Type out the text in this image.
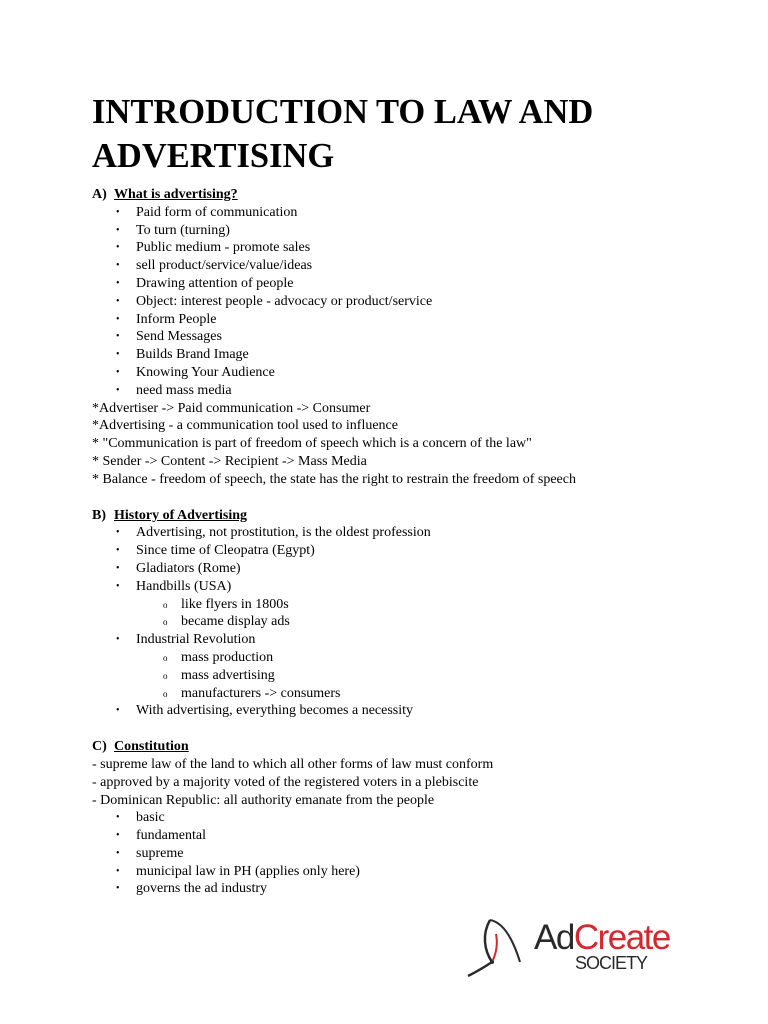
INTRODUCTION TO LAW AND
ADVERTISING
A) What is advertising?
• Paid form of communication
• To turn (turning)
• Public medium - promote sales
• sell product/service/value/ideas
• Drawing attention of people
• Object: interest people - advocacy or product/service
• Inform People
• Send Messages
• Builds Brand Image
• Knowing Your Audience
• need mass media
*Advertiser -> Paid communication -> Consumer
*Advertising - a communication tool used to influence
* "Communication is part of freedom of speech which is a concern of the law"
* Sender -> Content -> Recipient -> Mass Media
* Balance - freedom of speech, the state has the right to restrain the freedom of speech
B) History of Advertising
• Advertising, not prostitution, is the oldest profession
• Since time of Cleopatra (Egypt)
• Gladiators (Rome)
• Handbills (USA)
o like flyers in 1800s
o became display ads
• Industrial Revolution
o mass production
o mass advertising
o manufacturers -> consumers
• With advertising, everything becomes a necessity
C) Constitution
- supreme law of the land to which all other forms of law must conform
- approved by a majority voted of the registered voters in a plebiscite
- Dominican Republic: all authority emanate from the people
• basic
• fundamental
• supreme
• municipal law in PH (applies only here)
• governs the ad industry
AdCreate
SOCIETY
